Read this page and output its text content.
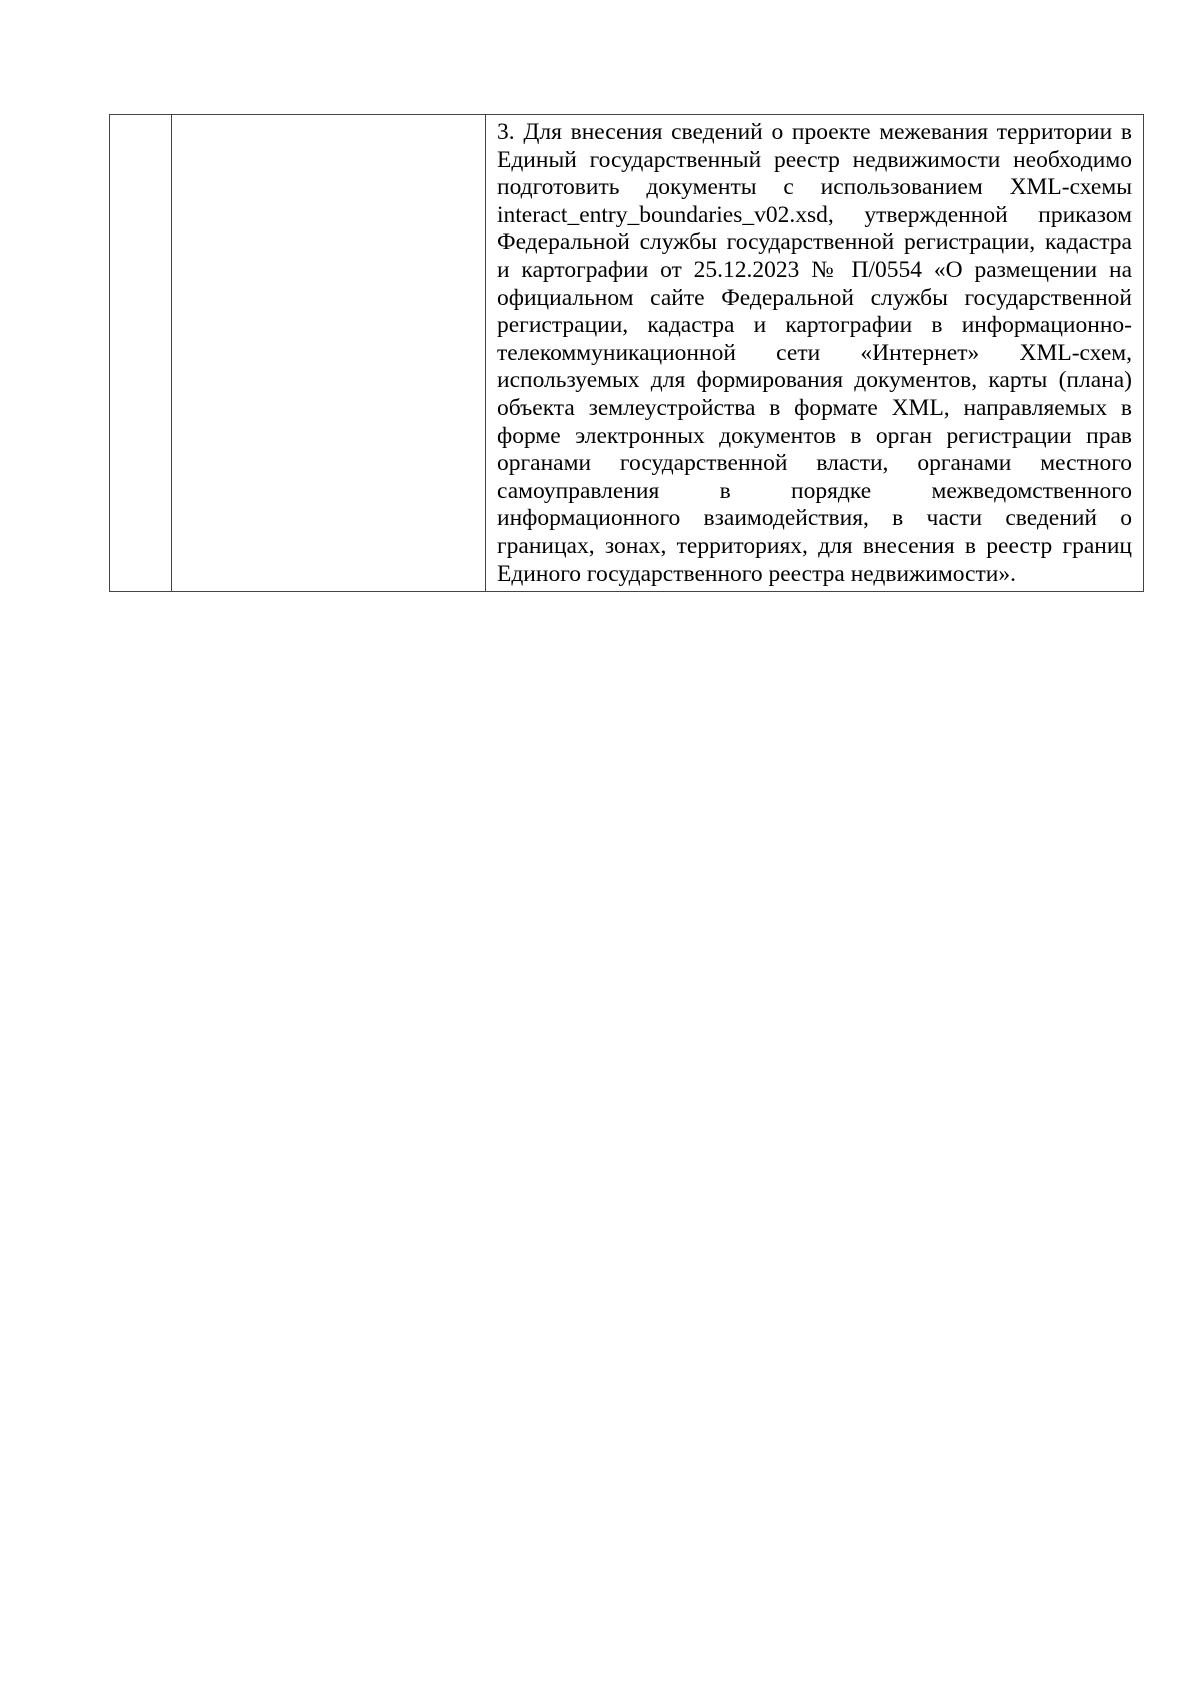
3. Для внесения сведений о проекте межевания территории в Единый государственный реестр недвижимости необходимо подготовить документы с использованием XML-схемы interact_entry_boundaries_v02.xsd, утвержденной приказом Федеральной службы государственной регистрации, кадастра и картографии от 25.12.2023 № П/0554 «О размещении на официальном сайте Федеральной службы государственной регистрации, кадастра и картографии в информационно-телекоммуникационной сети «Интернет» XML-схем, используемых для формирования документов, карты (плана) объекта землеустройства в формате XML, направляемых в форме электронных документов в орган регистрации прав органами государственной власти, органами местного самоуправления в порядке межведомственного информационного взаимодействия, в части сведений о границах, зонах, территориях, для внесения в реестр границ Единого государственного реестра недвижимости».
